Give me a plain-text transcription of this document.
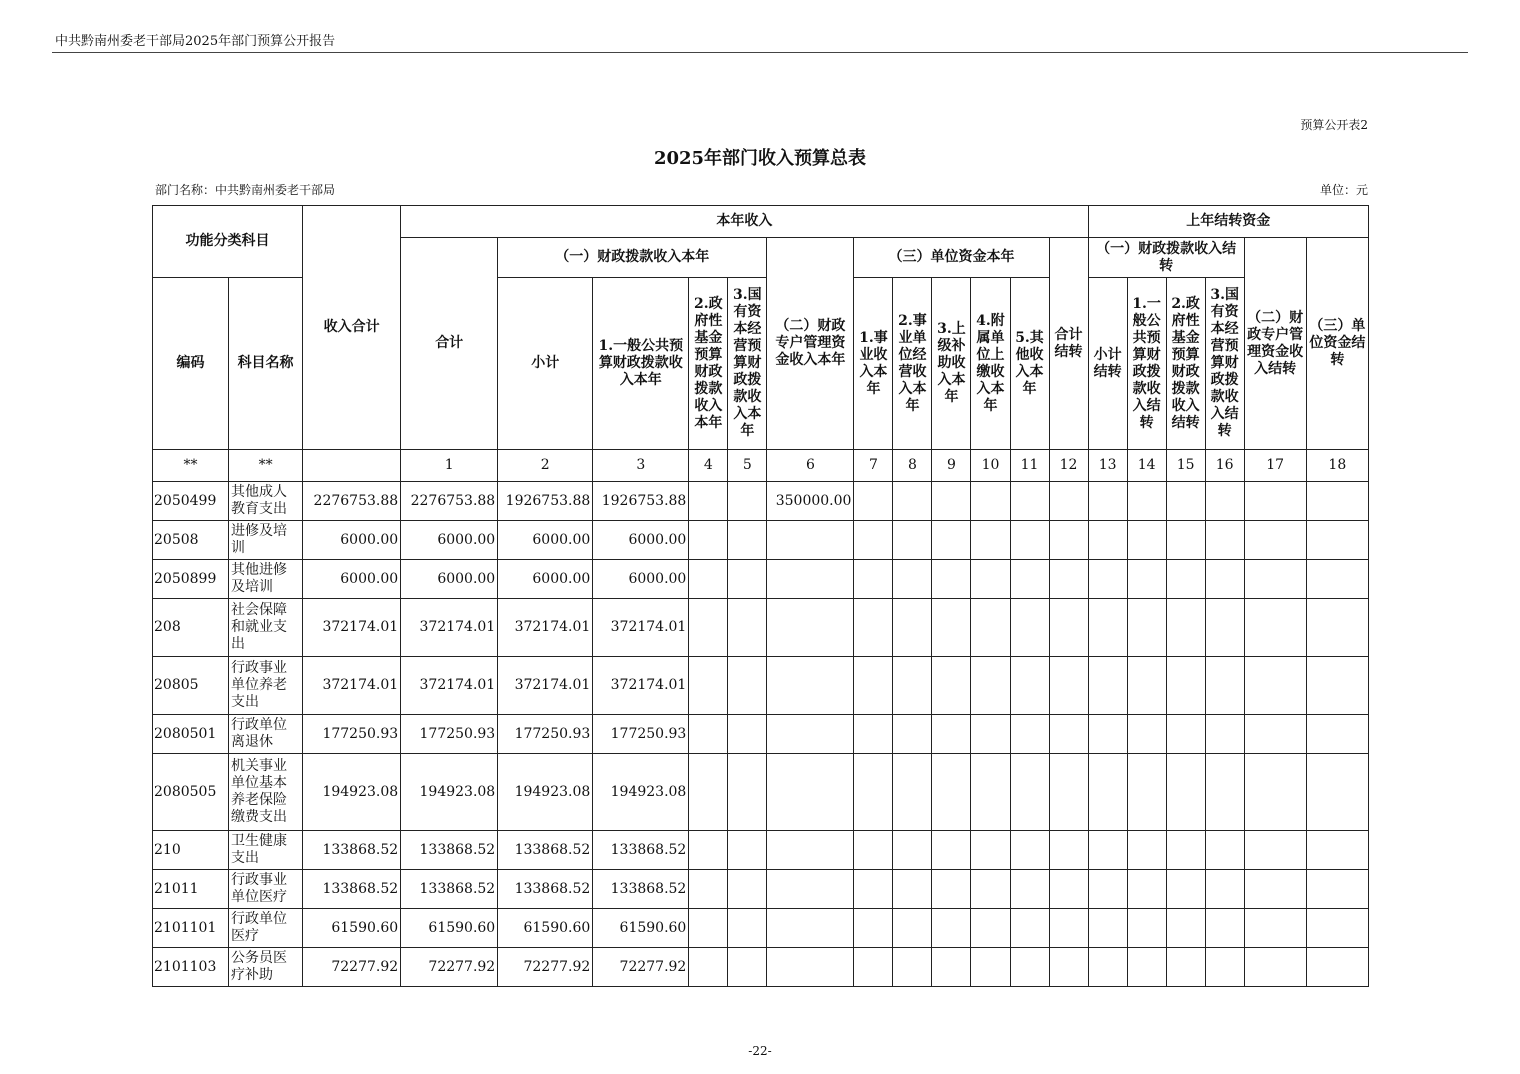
中共黔南州委老干部局2025年部门预算公开报告
预算公开表2
2025年部门收入预算总表
部门名称：中共黔南州委老干部局	单位：元
功能分类科目		收入合计	本年收入												上年结转资金					
			合计	（一）财政拨款收入本年				（二）财政专户管理资金收入本年	（三）单位资金本年					合计结转	（一）财政拨款收入结转				（二）财政专户管理资金收入结转	（三）单位资金结转
编码	科目名称			小计	1.一般公共预算财政拨款收入本年	2.政府性基金预算财政拨款收入本年	3.国有资本经营预算财政拨款收入本年		1.事业收入本年	2.事业单位经营收入本年	3.上级补助收入本年	4.附属单位上缴收入本年	5.其他收入本年		小计结转	1.一般公共预算财政拨款收入结转	2.政府性基金预算财政拨款收入结转	3.国有资本经营预算财政拨款收入结转		
**	**		1	2	3	4	5	6	7	8	9	10	11	12	13	14	15	16	17	18
2050499	其他成人教育支出	2276753.88	2276753.88	1926753.88	1926753.88			350000.00												
20508	进修及培训	6000.00	6000.00	6000.00	6000.00															
2050899	其他进修及培训	6000.00	6000.00	6000.00	6000.00															
208	社会保障和就业支出	372174.01	372174.01	372174.01	372174.01															
20805	行政事业单位养老支出	372174.01	372174.01	372174.01	372174.01															
2080501	行政单位离退休	177250.93	177250.93	177250.93	177250.93															
2080505	机关事业单位基本养老保险缴费支出	194923.08	194923.08	194923.08	194923.08															
210	卫生健康支出	133868.52	133868.52	133868.52	133868.52															
21011	行政事业单位医疗	133868.52	133868.52	133868.52	133868.52															
2101101	行政单位医疗	61590.60	61590.60	61590.60	61590.60															
2101103	公务员医疗补助	72277.92	72277.92	72277.92	72277.92															
-22-
